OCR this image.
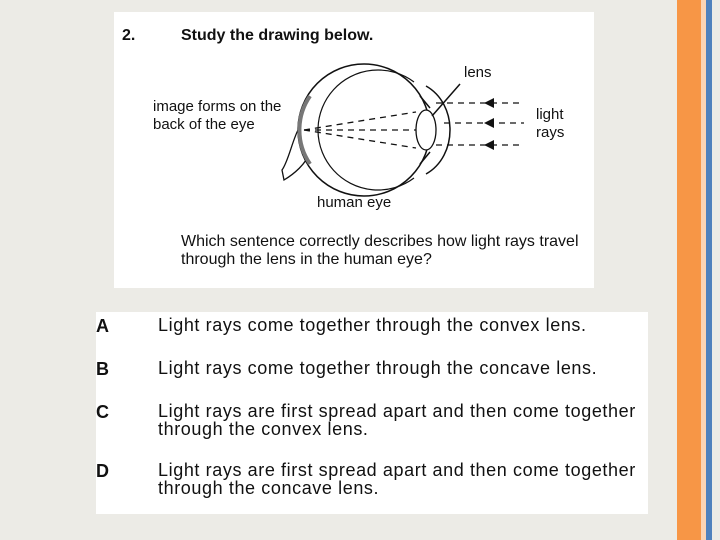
2.	Study the drawing below.
image forms on the back of the eye
lens
light rays
human eye
Which sentence correctly describes how light rays travel through the lens in the human eye?
A	Light rays come together through the convex lens.
B	Light rays come together through the concave lens.
C	Light rays are first spread apart and then come together through the convex lens.
D	Light rays are first spread apart and then come together through the concave lens.
